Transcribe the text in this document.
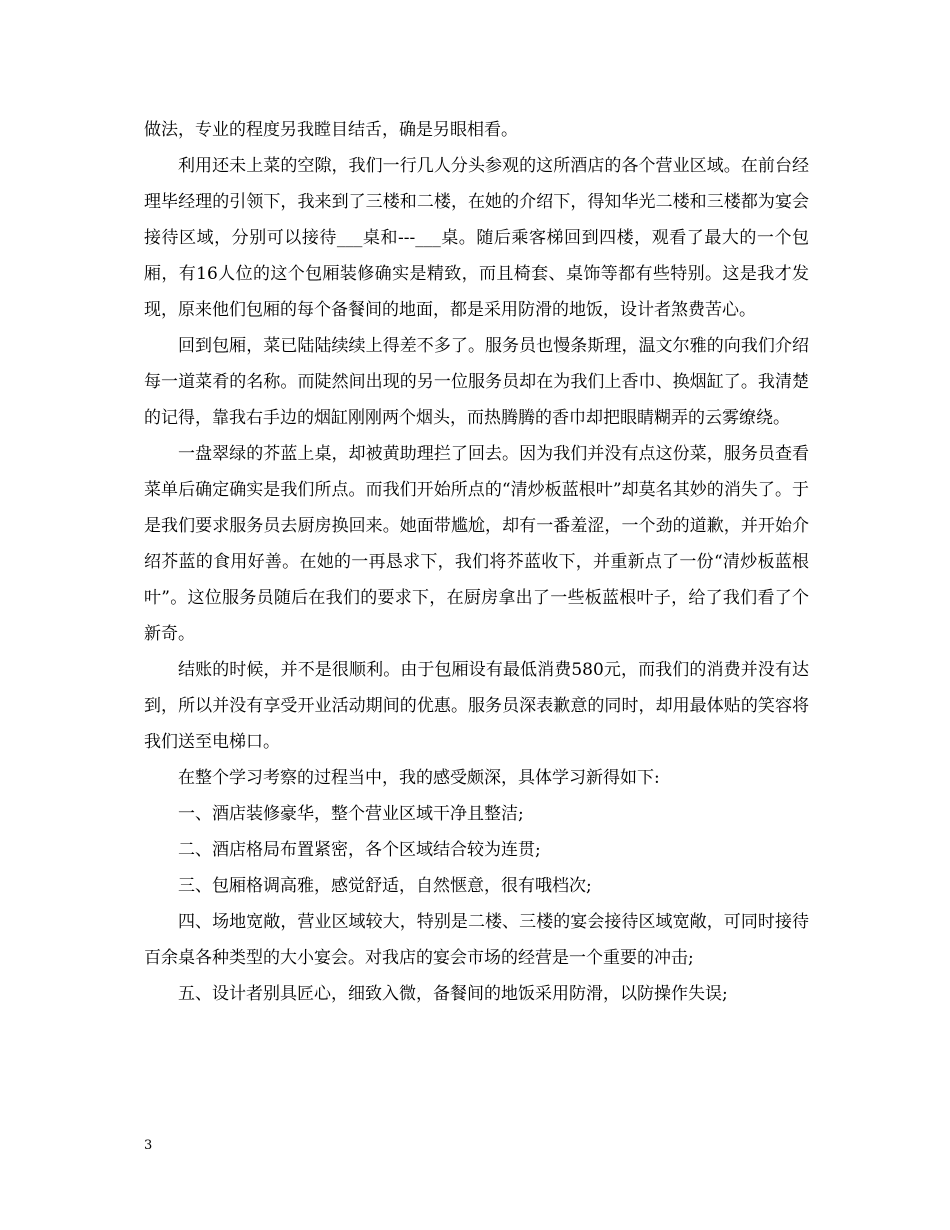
做法，专业的程度另我瞠目结舌，确是另眼相看。

利用还未上菜的空隙，我们一行几人分头参观的这所酒店的各个营业区域。在前台经理毕经理的引领下，我来到了三楼和二楼，在她的介绍下，得知华光二楼和三楼都为宴会接待区域，分别可以接待___桌和---___桌。随后乘客梯回到四楼，观看了最大的一个包厢，有16人位的这个包厢装修确实是精致，而且椅套、桌饰等都有些特别。这是我才发现，原来他们包厢的每个备餐间的地面，都是采用防滑的地饭，设计者煞费苦心。

回到包厢，菜已陆陆续续上得差不多了。服务员也慢条斯理，温文尔雅的向我们介绍每一道菜肴的名称。而陡然间出现的另一位服务员却在为我们上香巾、换烟缸了。我清楚的记得，靠我右手边的烟缸刚刚两个烟头，而热腾腾的香巾却把眼睛糊弄的云雾缭绕。

一盘翠绿的芥蓝上桌，却被黄助理拦了回去。因为我们并没有点这份菜，服务员查看菜单后确定确实是我们所点。而我们开始所点的“清炒板蓝根叶”却莫名其妙的消失了。于是我们要求服务员去厨房换回来。她面带尴尬，却有一番羞涩，一个劲的道歉，并开始介绍芥蓝的食用好善。在她的一再恳求下，我们将芥蓝收下，并重新点了一份“清炒板蓝根叶”。这位服务员随后在我们的要求下，在厨房拿出了一些板蓝根叶子，给了我们看了个新奇。

结账的时候，并不是很顺利。由于包厢设有最低消费580元，而我们的消费并没有达到，所以并没有享受开业活动期间的优惠。服务员深表歉意的同时，却用最体贴的笑容将我们送至电梯口。

在整个学习考察的过程当中，我的感受颇深，具体学习新得如下:

一、酒店装修豪华，整个营业区域干净且整洁;

二、酒店格局布置紧密，各个区域结合较为连贯;

三、包厢格调高雅，感觉舒适，自然惬意，很有哦档次;

四、场地宽敞，营业区域较大，特别是二楼、三楼的宴会接待区域宽敞，可同时接待百余桌各种类型的大小宴会。对我店的宴会市场的经营是一个重要的冲击;

五、设计者别具匠心，细致入微，备餐间的地饭采用防滑，以防操作失误;

3
